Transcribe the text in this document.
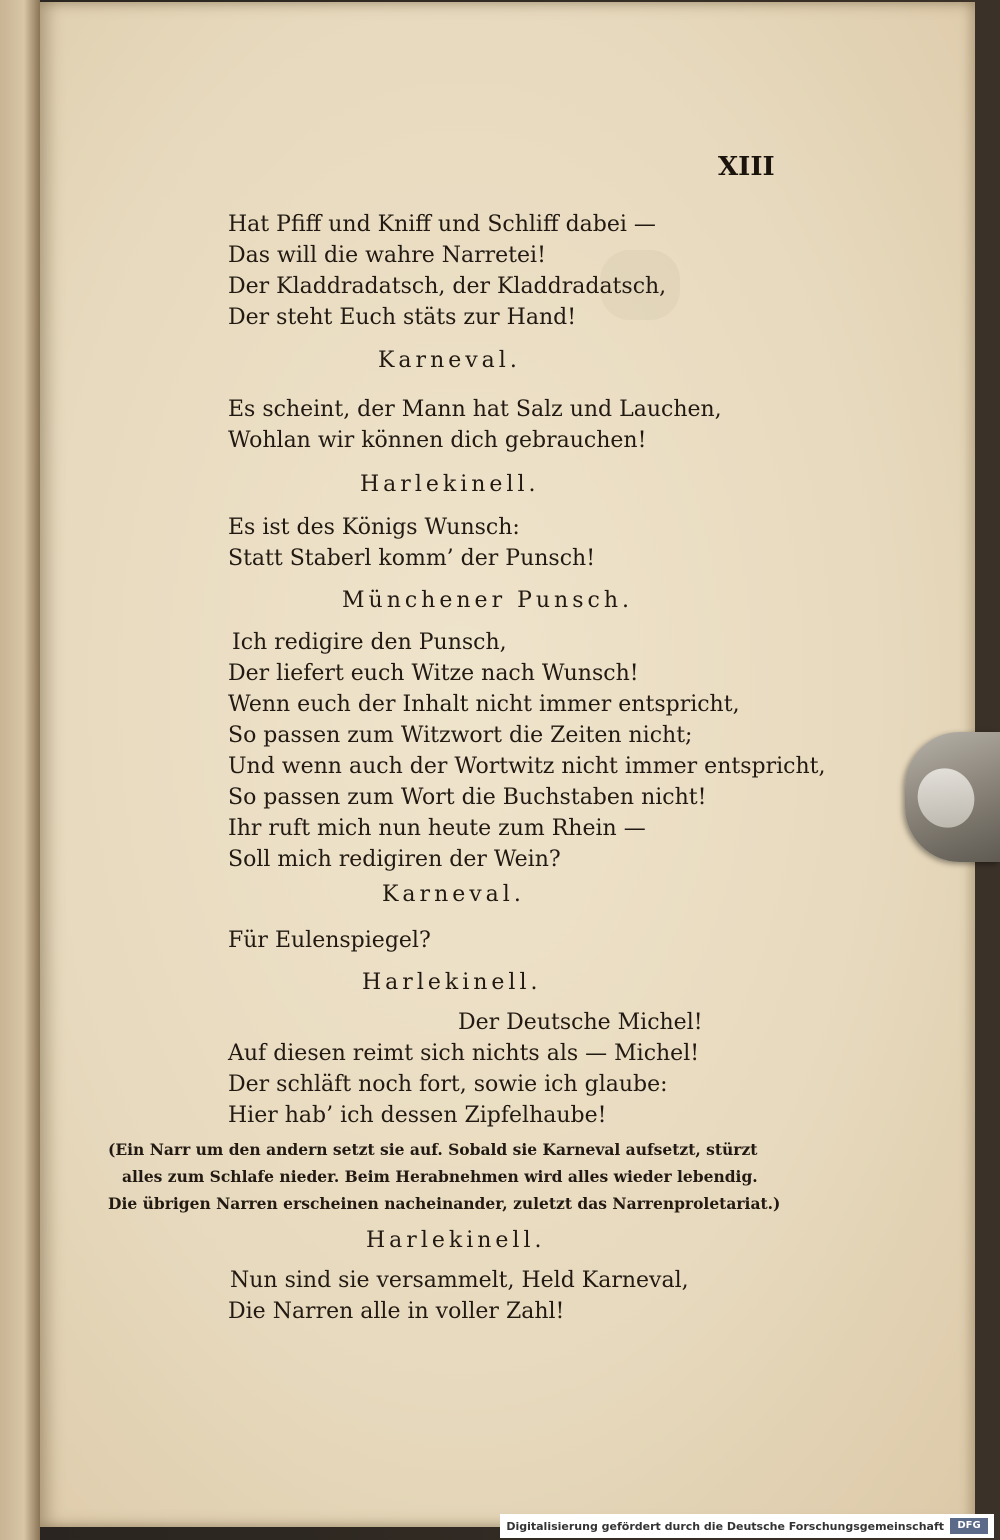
XIII

Hat Pfiff und Kniff und Schliff dabei —

Das will die wahre Narretei!

Der Kladdradatsch, der Kladdradatsch,

Der steht Euch stäts zur Hand!

Karneval.

Es scheint, der Mann hat Salz und Lauchen,

Wohlan wir können dich gebrauchen!

Harlekinell.

Es ist des Königs Wunsch:

Statt Staberl komm’ der Punsch!

Münchener Punsch.

Ich redigire den Punsch,

Der liefert euch Witze nach Wunsch!

Wenn euch der Inhalt nicht immer entspricht,

So passen zum Witzwort die Zeiten nicht;

Und wenn auch der Wortwitz nicht immer entspricht,

So passen zum Wort die Buchstaben nicht!

Ihr ruft mich nun heute zum Rhein —

Soll mich redigiren der Wein?

Karneval.

Für Eulenspiegel?

Harlekinell.

Der Deutsche Michel!

Auf diesen reimt sich nichts als — Michel!

Der schläft noch fort, sowie ich glaube:

Hier hab’ ich dessen Zipfelhaube!

(Ein Narr um den andern setzt sie auf. Sobald sie Karneval aufsetzt, stürzt

alles zum Schlafe nieder. Beim Herabnehmen wird alles wieder lebendig.

Die übrigen Narren erscheinen nacheinander, zuletzt das Narrenproletariat.)

Harlekinell.

Nun sind sie versammelt, Held Karneval,

Die Narren alle in voller Zahl!

Digitalisierung gefördert durch die Deutsche Forschungsgemeinschaft	DFG
